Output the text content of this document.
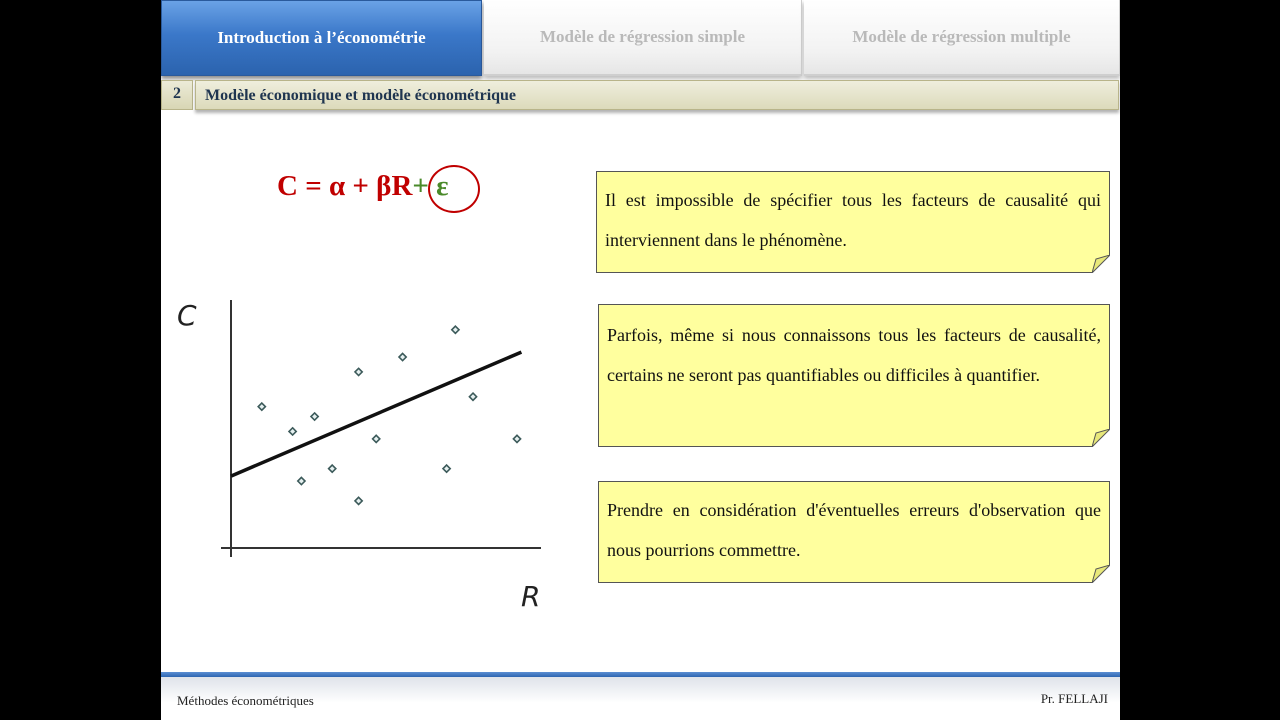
Introduction à l’économétrie	Modèle de régression simple	Modèle de régression multiple
2	Modèle économique et modèle économétrique
C = α + βR+ ε
C
R

Il est impossible de spécifier tous les facteurs de causalité qui interviennent dans le phénomène.

Parfois, même si nous connaissons tous les facteurs de causalité, certains ne seront pas quantifiables ou difficiles à quantifier.

Prendre en considération d'éventuelles erreurs d'observation que nous pourrions commettre.

Méthodes économétriques	Pr. FELLAJI
